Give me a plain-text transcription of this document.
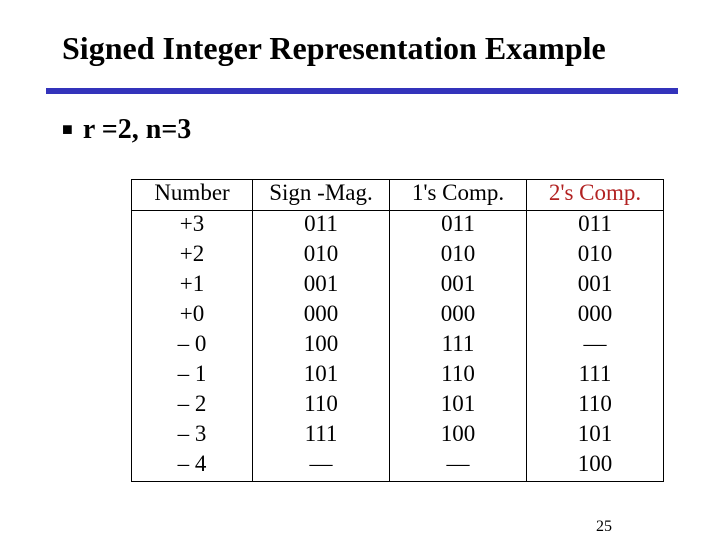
Signed Integer Representation Example
■ r =2, n=3
Number	Sign -Mag.	1's Comp.	2's Comp.
+3	011	011	011
+2	010	010	010
+1	001	001	001
+0	000	000	000
– 0	100	111	—
– 1	101	110	111
– 2	110	101	110
– 3	111	100	101
– 4	—	—	100
25
